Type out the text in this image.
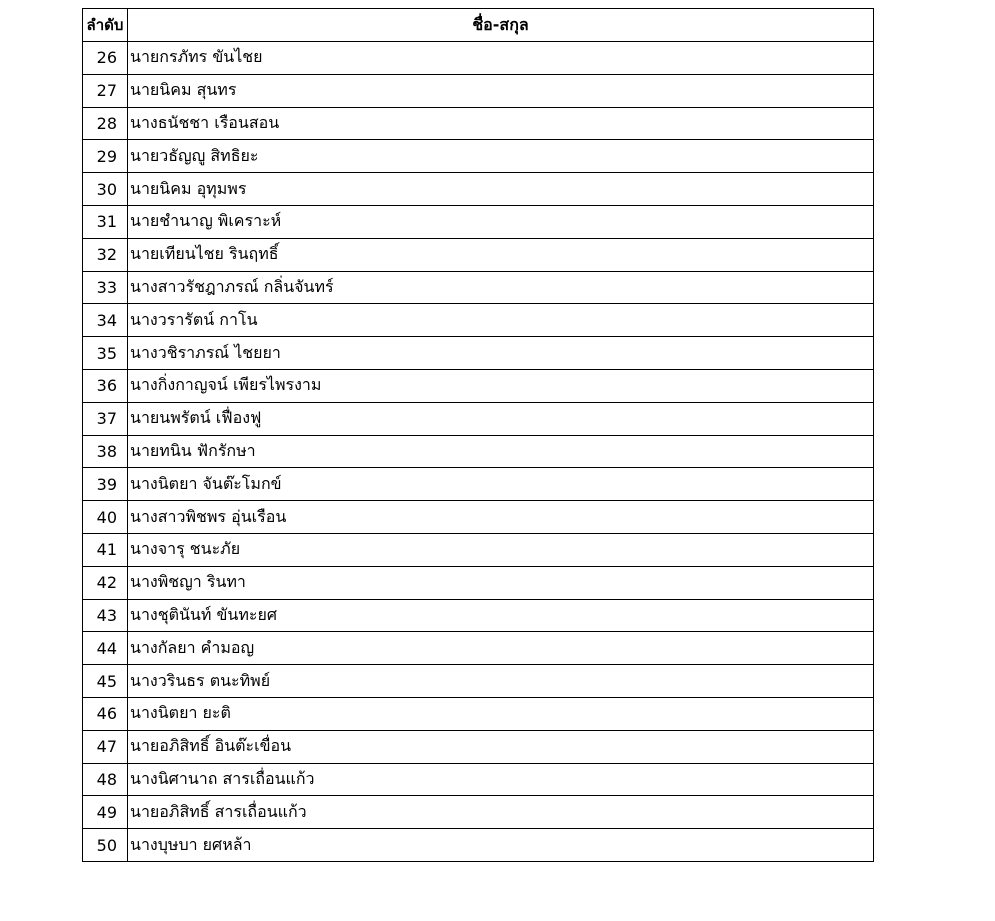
ลำดับ	ชื่อ-สกุล
26	นายกรภัทร ขันไชย
27	นายนิคม สุนทร
28	นางธนัชชา เรือนสอน
29	นายวธัญญู สิทธิยะ
30	นายนิคม อุทุมพร
31	นายชำนาญ พิเคราะห์
32	นายเทียนไชย รินฤทธิ์
33	นางสาวรัชฎาภรณ์ กลิ่นจันทร์
34	นางวรารัตน์ กาโน
35	นางวชิราภรณ์ ไชยยา
36	นางกิ่งกาญจน์ เพียรไพรงาม
37	นายนพรัตน์ เฟื่องฟู
38	นายทนิน ฟักรักษา
39	นางนิตยา จันต๊ะโมกข์
40	นางสาวพิชพร อุ่นเรือน
41	นางจารุ ชนะภัย
42	นางพิชญา รินทา
43	นางชุตินันท์ ขันทะยศ
44	นางกัลยา คำมอญ
45	นางวรินธร ตนะทิพย์
46	นางนิตยา ยะติ
47	นายอภิสิทธิ์ อินต๊ะเขื่อน
48	นางนิศานาถ สารเถื่อนแก้ว
49	นายอภิสิทธิ์ สารเถื่อนแก้ว
50	นางบุษบา ยศหล้า
